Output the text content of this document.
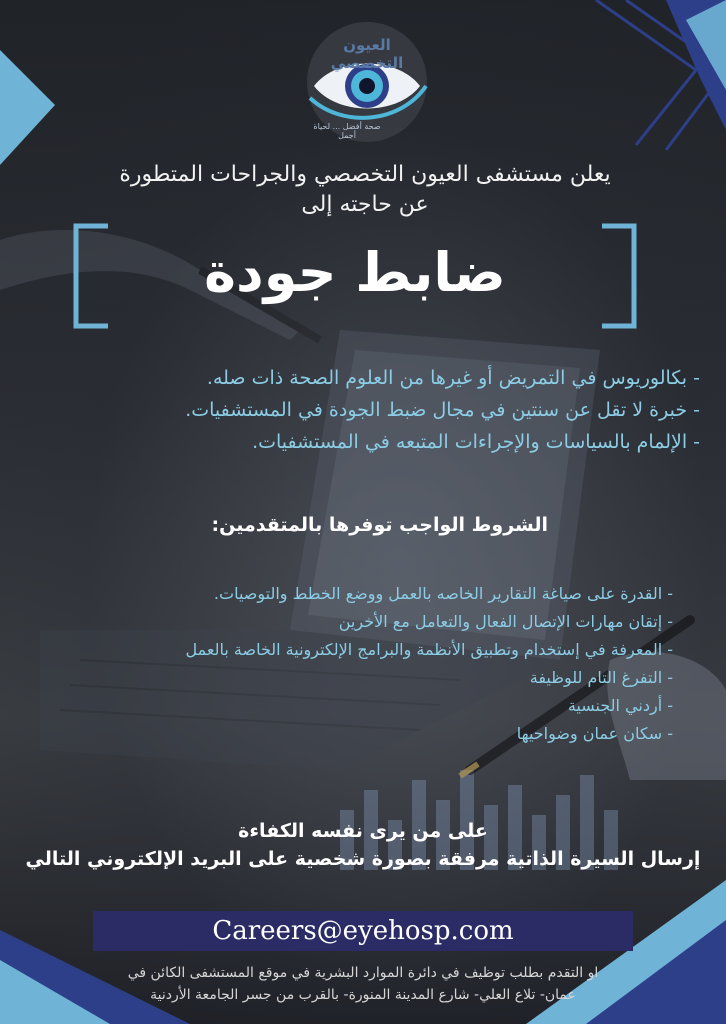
العيون التخصصي
صحة أفضل ... لحياة أجمل
يعلن مستشفى العيون التخصصي والجراحات المتطورة
عن حاجته إلى
ضابط جودة
- بكالوريوس في التمريض أو غيرها من العلوم الصحة ذات صله.
- خبرة لا تقل عن سنتين في مجال ضبط الجودة في المستشفيات.
- الإلمام بالسياسات والإجراءات المتبعه في المستشفيات.
الشروط الواجب توفرها بالمتقدمين:
- القدرة على صياغة التقارير الخاصه بالعمل ووضع الخطط والتوصيات.
- إتقان مهارات الإتصال الفعال والتعامل مع الأخرين
- المعرفة في إستخدام وتطبيق الأنظمة والبرامج الإلكترونية الخاصة بالعمل
- التفرغ التام للوظيفة
- أردني الجنسية
- سكان عمان وضواحيها
على من يرى نفسه الكفاءة
إرسال السيرة الذاتية مرفقة بصورة شخصية على البريد الإلكتروني التالي
Careers@eyehosp.com
او التقدم بطلب توظيف في دائرة الموارد البشرية في موقع المستشفى الكائن في
عمان- تلاع العلي- شارع المدينة المنورة- بالقرب من جسر الجامعة الأردنية
